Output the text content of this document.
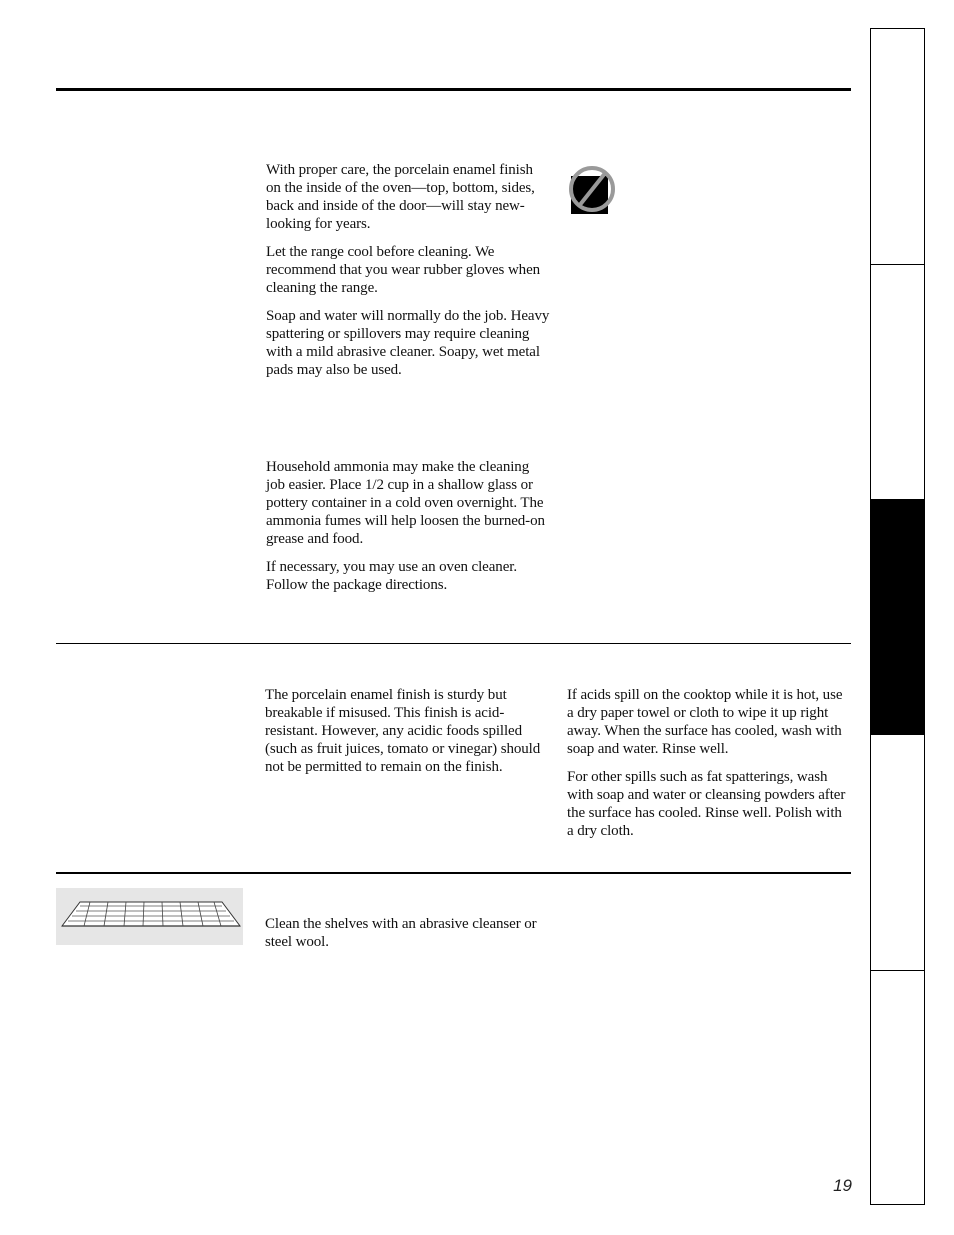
With proper care, the porcelain enamel finish on the inside of the oven—top, bottom, sides, back and inside of the door—will stay new-looking for years.

Let the range cool before cleaning. We recommend that you wear rubber gloves when cleaning the range.

Soap and water will normally do the job. Heavy spattering or spillovers may require cleaning with a mild abrasive cleaner. Soapy, wet metal pads may also be used.

Household ammonia may make the cleaning job easier. Place 1/2 cup in a shallow glass or pottery container in a cold oven overnight. The ammonia fumes will help loosen the burned-on grease and food.

If necessary, you may use an oven cleaner. Follow the package directions.

The porcelain enamel finish is sturdy but breakable if misused. This finish is acid-resistant. However, any acidic foods spilled (such as fruit juices, tomato or vinegar) should not be permitted to remain on the finish.

If acids spill on the cooktop while it is hot, use a dry paper towel or cloth to wipe it up right away. When the surface has cooled, wash with soap and water. Rinse well.

For other spills such as fat spatterings, wash with soap and water or cleansing powders after the surface has cooled. Rinse well. Polish with a dry cloth.

Clean the shelves with an abrasive cleanser or steel wool.

19
